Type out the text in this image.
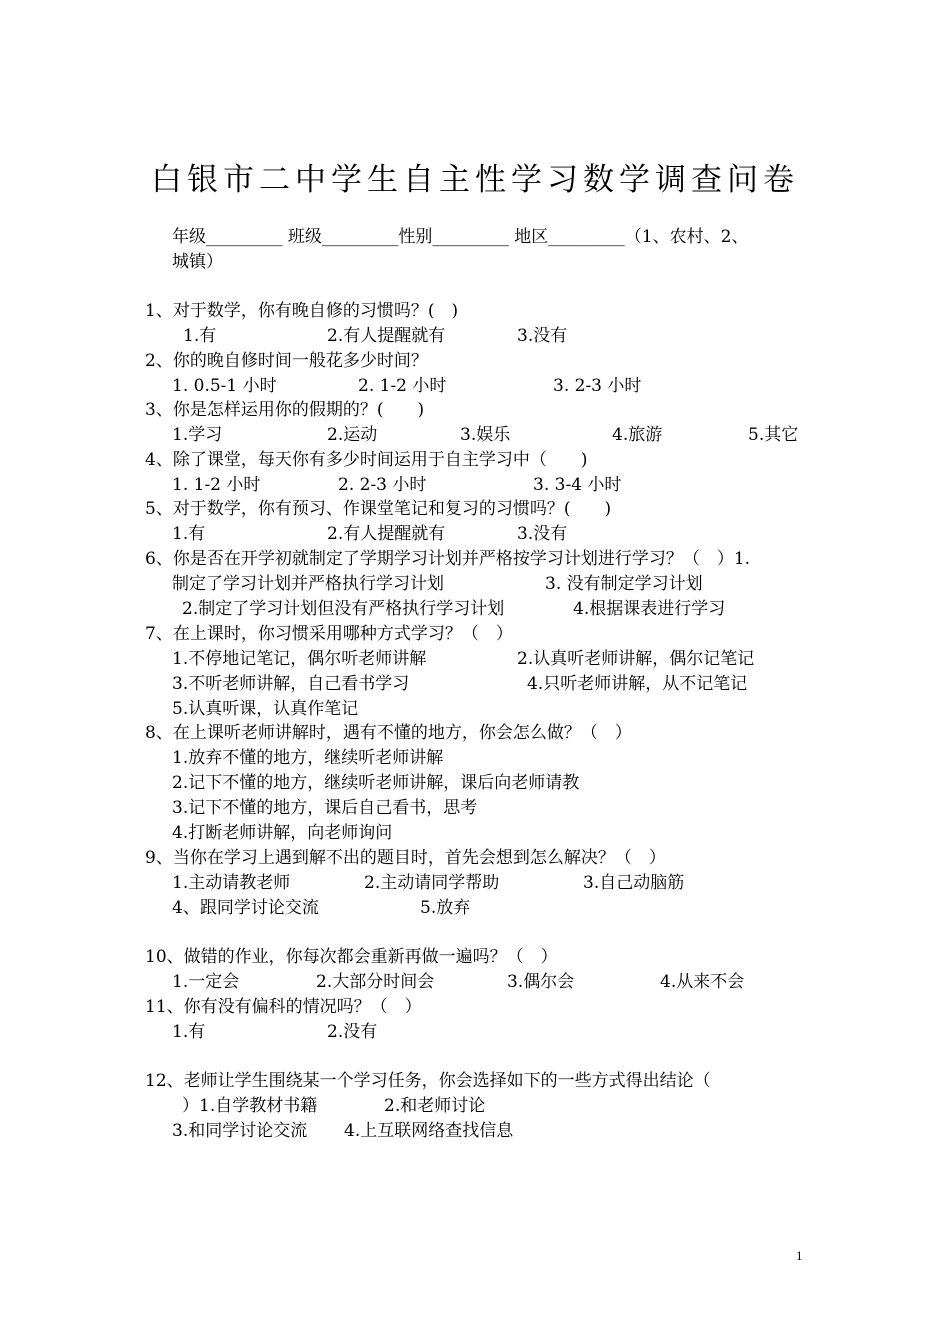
白银市二中学生自主性学习数学调查问卷
年级_________ 班级_________性别_________ 地区_________（1、农村、2、
城镇）
1、对于数学，你有晚自修的习惯吗？(　)
1.有	2.有人提醒就有	3.没有
2、你的晚自修时间一般花多少时间？
1. 0.5-1 小时	2. 1-2 小时	3. 2-3 小时
3、你是怎样运用你的假期的？(　　)
1.学习	2.运动	3.娱乐	4.旅游	5.其它
4、除了课堂，每天你有多少时间运用于自主学习中（　　)
1. 1-2 小时	2. 2-3 小时	3. 3-4 小时
5、对于数学，你有预习、作课堂笔记和复习的习惯吗？(　　)
1.有	2.有人提醒就有	3.没有
6、你是否在开学初就制定了学期学习计划并严格按学习计划进行学习？（　）1.
制定了学习计划并严格执行学习计划	3. 没有制定学习计划
2.制定了学习计划但没有严格执行学习计划	4.根据课表进行学习
7、在上课时，你习惯采用哪种方式学习？（　）
1.不停地记笔记，偶尔听老师讲解	2.认真听老师讲解，偶尔记笔记
3.不听老师讲解，自己看书学习	4.只听老师讲解，从不记笔记
5.认真听课，认真作笔记
8、在上课听老师讲解时，遇有不懂的地方，你会怎么做？（　）
1.放弃不懂的地方，继续听老师讲解
2.记下不懂的地方，继续听老师讲解，课后向老师请教
3.记下不懂的地方，课后自己看书，思考
4.打断老师讲解，向老师询问
9、当你在学习上遇到解不出的题目时，首先会想到怎么解决？（　）
1.主动请教老师	2.主动请同学帮助	3.自己动脑筋
4、跟同学讨论交流	5.放弃
10、做错的作业，你每次都会重新再做一遍吗？（　）
1.一定会	2.大部分时间会	3.偶尔会	4.从来不会
11、你有没有偏科的情况吗？（　）
1.有	2.没有
12、老师让学生围绕某一个学习任务，你会选择如下的一些方式得出结论（
）1.自学教材书籍	2.和老师讨论
3.和同学讨论交流 4.上互联网络查找信息
1
